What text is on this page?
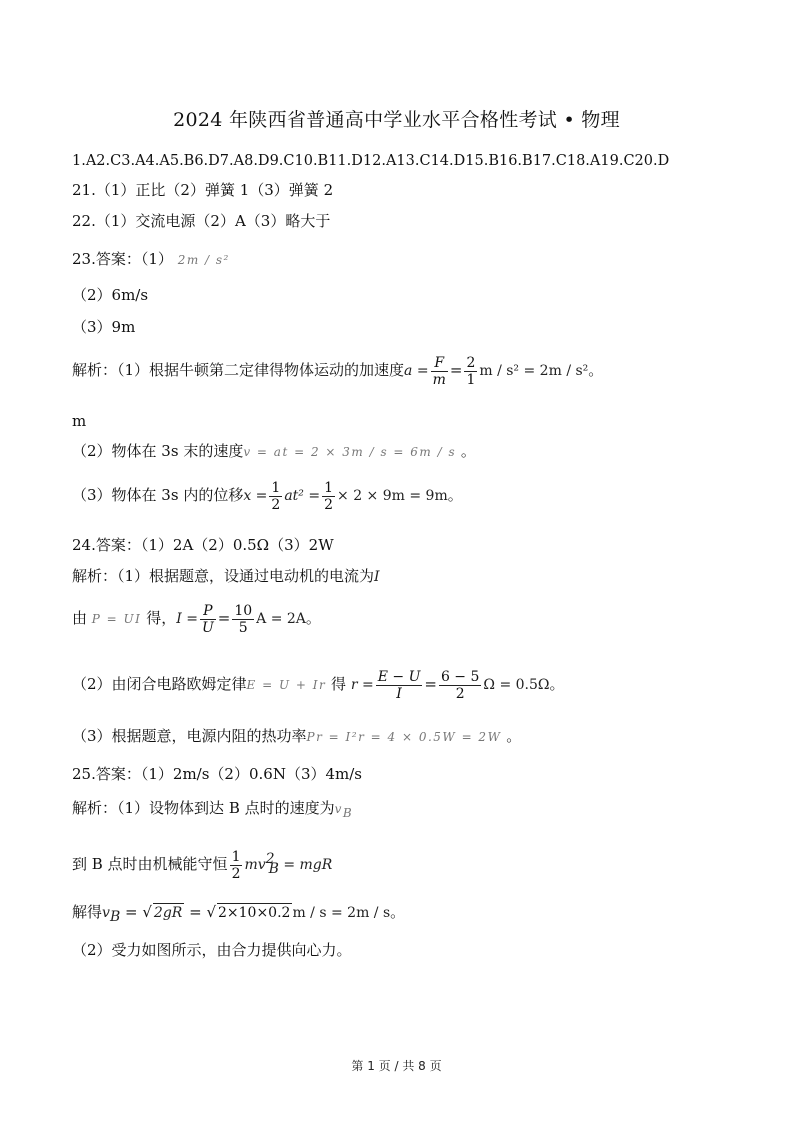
2024 年陕西省普通高中学业水平合格性考试 • 物理
1.A2.C3.A4.A5.B6.D7.A8.D9.C10.B11.D12.A13.C14.D15.B16.B17.C18.A19.C20.D
21.（1）正比（2）弹簧 1（3）弹簧 2
22.（1）交流电源（2）A（3）略大于
23.答案：（1） 2m / s²
（2）6m/s
（3）9m
解析：（1）根据牛顿第二定律得物体运动的加速度$a = \frac{F}{m} = \frac{2}{1}$ m / s² = 2m / s²。
m
（2）物体在 3s 末的速度v = at = 2 × 3m / s = 6m / s 。
（3）物体在 3s 内的位移$x = \frac{1}{2} at^2 = \frac{1}{2} \times 2 \times 9m = 9m$。
24.答案：（1）2A（2）0.5Ω（3）2W
解析：（1）根据题意，设通过电动机的电流为I
由 P = UI 得，$I = \frac{P}{U} = \frac{10}{5}$ A = 2A。
（2）由闭合电路欧姆定律E = U + Ir 得 $r = \frac{E - U}{I} = \frac{6 - 5}{2}$ Ω = 0.5Ω。
（3）根据题意，电源内阻的热功率Pr = I²r = 4 × 0.5W = 2W 。
25.答案：（1）2m/s（2）0.6N（3）4m/s
解析：（1）设物体到达 B 点时的速度为$v_B$
到 B 点时由机械能守恒 $\frac{1}{2} mv^2_B$ = mgR
解得$v_B$ = √ 2gR = √ 2×10×0.2 m / s = 2m / s。
（2）受力如图所示，由合力提供向心力。
第 1 页 / 共 8 页
